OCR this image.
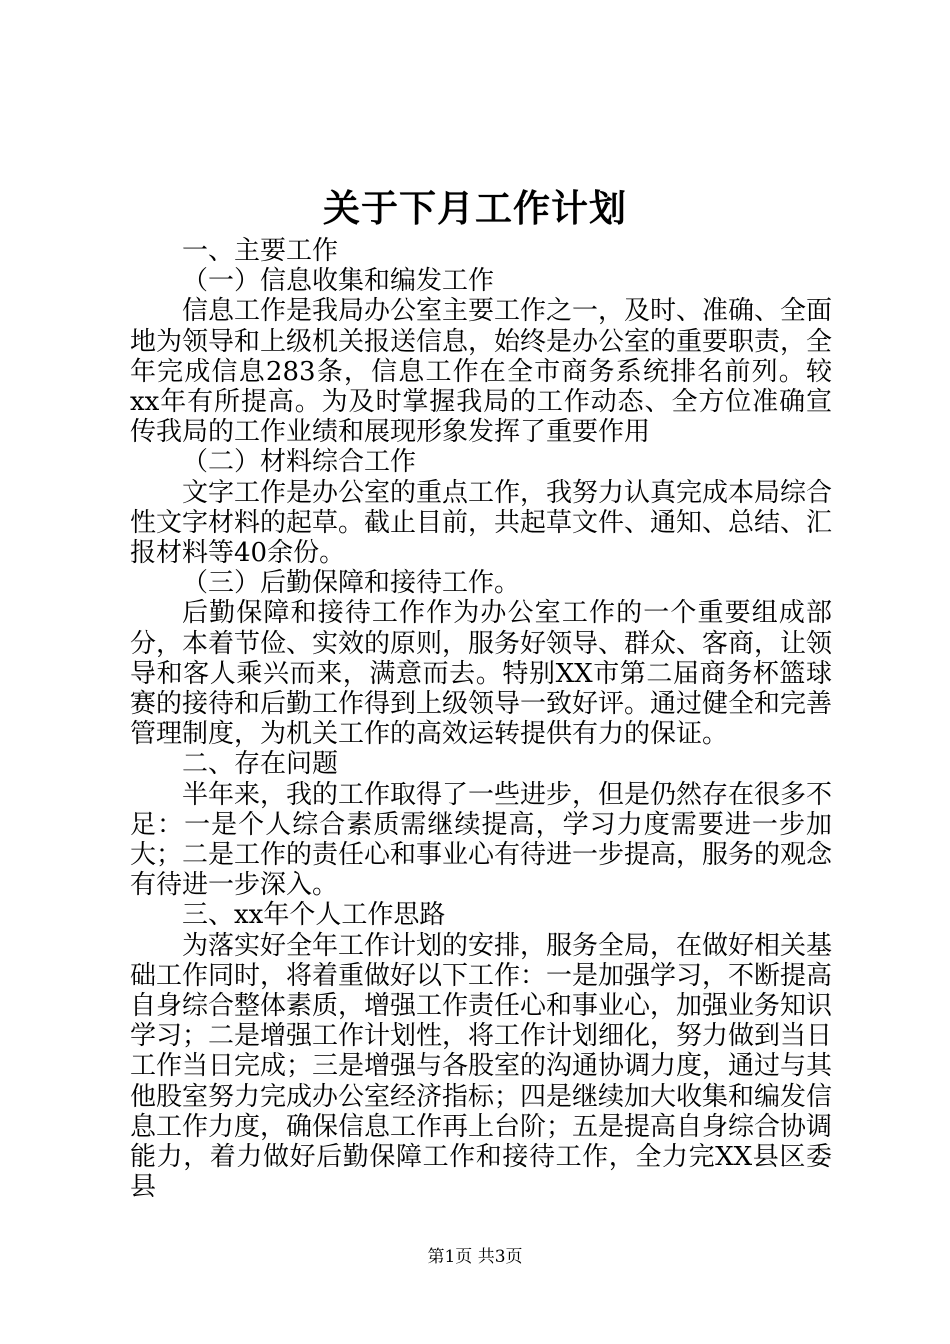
关于下月工作计划

一、主要工作

（一）信息收集和编发工作

信息工作是我局办公室主要工作之一，及时、准确、全面地为领导和上级机关报送信息，始终是办公室的重要职责，全年完成信息283条，信息工作在全市商务系统排名前列。较xx年有所提高。为及时掌握我局的工作动态、全方位准确宣传我局的工作业绩和展现形象发挥了重要作用

（二）材料综合工作

文字工作是办公室的重点工作，我努力认真完成本局综合性文字材料的起草。截止目前，共起草文件、通知、总结、汇报材料等40余份。

（三）后勤保障和接待工作。

后勤保障和接待工作作为办公室工作的一个重要组成部分，本着节俭、实效的原则，服务好领导、群众、客商，让领导和客人乘兴而来，满意而去。特别XX市第二届商务杯篮球赛的接待和后勤工作得到上级领导一致好评。通过健全和完善管理制度，为机关工作的高效运转提供有力的保证。

二、存在问题

半年来，我的工作取得了一些进步，但是仍然存在很多不足：一是个人综合素质需继续提高，学习力度需要进一步加大；二是工作的责任心和事业心有待进一步提高，服务的观念有待进一步深入。

三、xx年个人工作思路

为落实好全年工作计划的安排，服务全局，在做好相关基础工作同时，将着重做好以下工作：一是加强学习，不断提高自身综合整体素质，增强工作责任心和事业心，加强业务知识学习；二是增强工作计划性，将工作计划细化，努力做到当日工作当日完成；三是增强与各股室的沟通协调力度，通过与其他股室努力完成办公室经济指标；四是继续加大收集和编发信息工作力度，确保信息工作再上台阶；五是提高自身综合协调能力，着力做好后勤保障工作和接待工作，全力完XX县区委县

第1页 共3页
